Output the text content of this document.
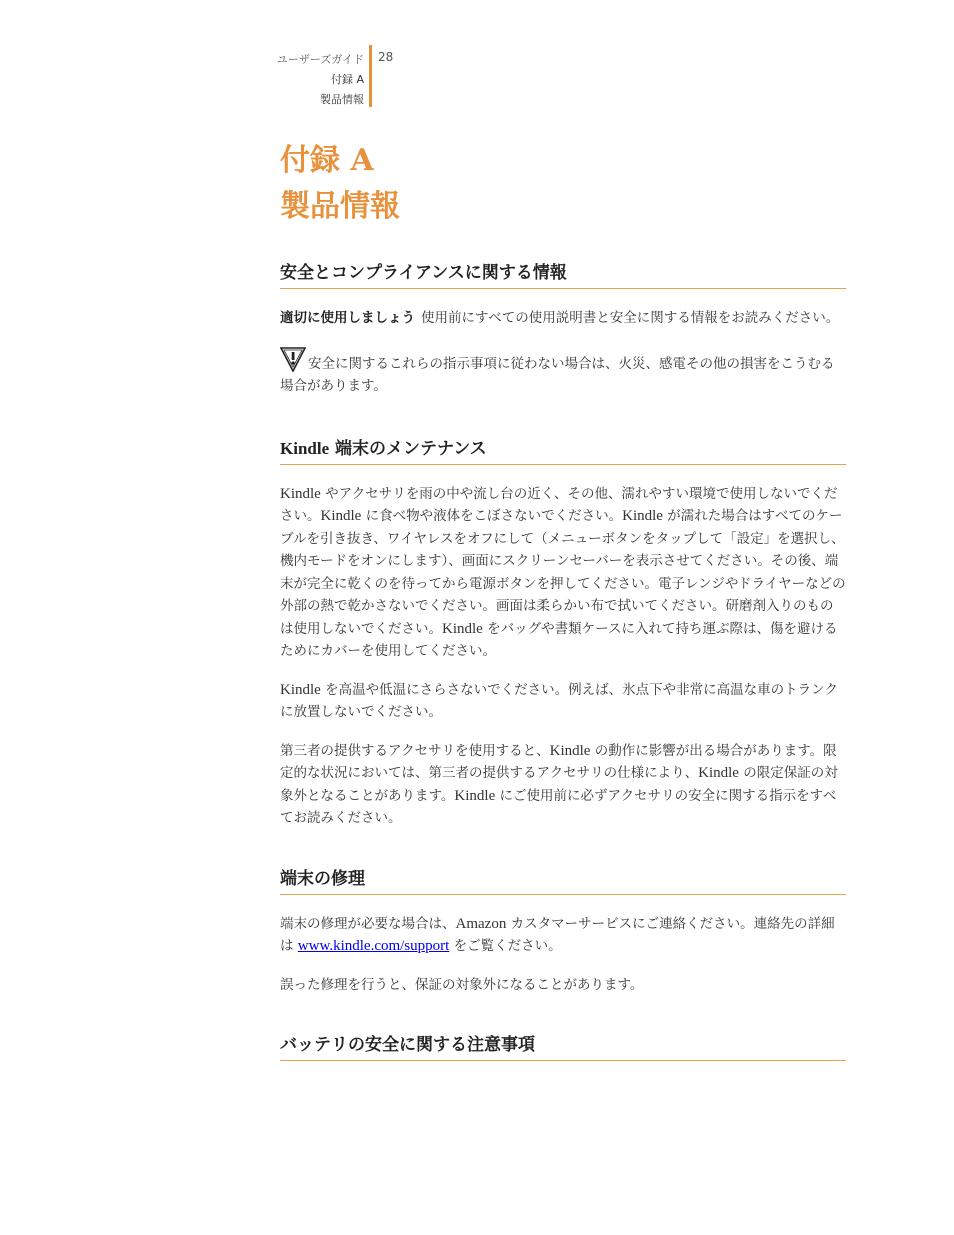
ユーザーズガイド
付録 A
製品情報
28
付録 A
製品情報
安全とコンプライアンスに関する情報

適切に使用しましょう 使用前にすべての使用説明書と安全に関する情報をお読みください。

安全に関するこれらの指示事項に従わない場合は、火災、感電その他の損害をこうむる場合があります。

Kindle 端末のメンテナンス

Kindle やアクセサリを雨の中や流し台の近く、その他、濡れやすい環境で使用しないでください。Kindle に食べ物や液体をこぼさないでください。Kindle が濡れた場合はすべてのケーブルを引き抜き、ワイヤレスをオフにして（メニューボタンをタップして「設定」を選択し、機内モードをオンにします）、画面にスクリーンセーバーを表示させてください。その後、端末が完全に乾くのを待ってから電源ボタンを押してください。電子レンジやドライヤーなどの外部の熱で乾かさないでください。画面は柔らかい布で拭いてください。研磨剤入りのものは使用しないでください。Kindle をバッグや書類ケースに入れて持ち運ぶ際は、傷を避けるためにカバーを使用してください。

Kindle を高温や低温にさらさないでください。例えば、氷点下や非常に高温な車のトランクに放置しないでください。

第三者の提供するアクセサリを使用すると、Kindle の動作に影響が出る場合があります。限定的な状況においては、第三者の提供するアクセサリの仕様により、Kindle の限定保証の対象外となることがあります。Kindle にご使用前に必ずアクセサリの安全に関する指示をすべてお読みください。

端末の修理

端末の修理が必要な場合は、Amazon カスタマーサービスにご連絡ください。連絡先の詳細は www.kindle.com/support をご覧ください。

誤った修理を行うと、保証の対象外になることがあります。

バッテリの安全に関する注意事項
